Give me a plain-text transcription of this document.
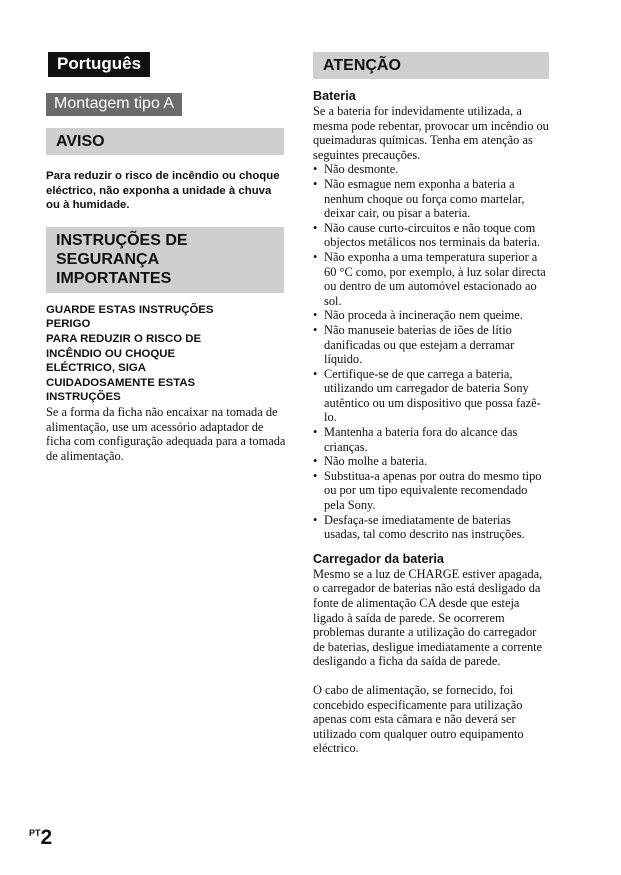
Português
Montagem tipo A
AVISO
Para reduzir o risco de incêndio ou choque eléctrico, não exponha a unidade à chuva ou à humidade.
INSTRUÇÕES DE
SEGURANÇA IMPORTANTES
GUARDE ESTAS INSTRUÇÕES
PERIGO
PARA REDUZIR O RISCO DE
INCÊNDIO OU CHOQUE
ELÉCTRICO, SIGA
CUIDADOSAMENTE ESTAS
INSTRUÇÕES
Se a forma da ficha não encaixar na tomada de alimentação, use um acessório adaptador de ficha com configuração adequada para a tomada de alimentação.
ATENÇÃO
Bateria
Se a bateria for indevidamente utilizada, a mesma pode rebentar, provocar um incêndio ou queimaduras químicas. Tenha em atenção as seguintes precauções.
• Não desmonte.
• Não esmague nem exponha a bateria a nenhum choque ou força como martelar, deixar cair, ou pisar a bateria.
• Não cause curto-circuitos e não toque com objectos metálicos nos terminais da bateria.
• Não exponha a uma temperatura superior a 60 °C como, por exemplo, à luz solar directa ou dentro de um automóvel estacionado ao sol.
• Não proceda à incineração nem queime.
• Não manuseie baterias de iões de lítio danificadas ou que estejam a derramar líquido.
• Certifique-se de que carrega a bateria, utilizando um carregador de bateria Sony autêntico ou um dispositivo que possa fazê-lo.
• Mantenha a bateria fora do alcance das crianças.
• Não molhe a bateria.
• Substitua-a apenas por outra do mesmo tipo ou por um tipo equivalente recomendado pela Sony.
• Desfaça-se imediatamente de baterias usadas, tal como descrito nas instruções.
Carregador da bateria
Mesmo se a luz de CHARGE estiver apagada, o carregador de baterias não está desligado da fonte de alimentação CA desde que esteja ligado à saída de parede. Se ocorrerem problemas durante a utilização do carregador de baterias, desligue imediatamente a corrente desligando a ficha da saída de parede.
O cabo de alimentação, se fornecido, foi concebido especificamente para utilização apenas com esta câmara e não deverá ser utilizado com qualquer outro equipamento eléctrico.
$^{PT}$2
